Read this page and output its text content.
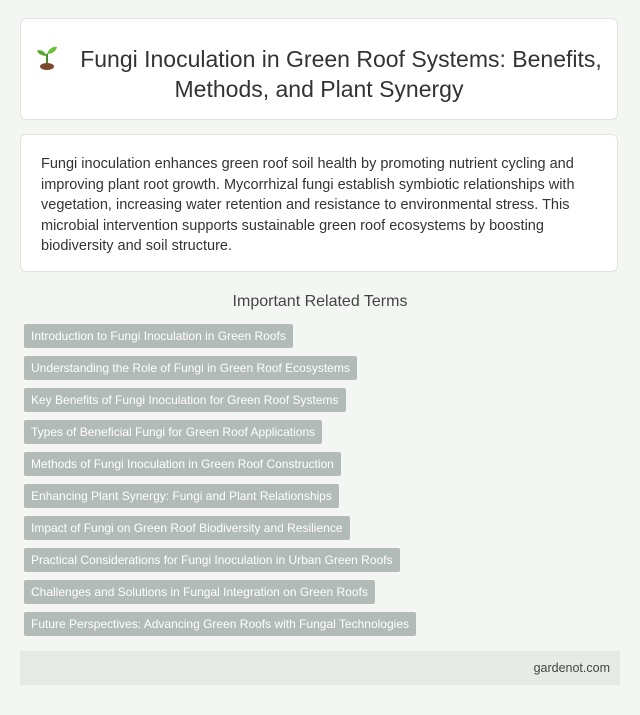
Fungi Inoculation in Green Roof Systems: Benefits, Methods, and Plant Synergy

Fungi inoculation enhances green roof soil health by promoting nutrient cycling and improving plant root growth. Mycorrhizal fungi establish symbiotic relationships with vegetation, increasing water retention and resistance to environmental stress. This microbial intervention supports sustainable green roof ecosystems by boosting biodiversity and soil structure.

Important Related Terms
Introduction to Fungi Inoculation in Green Roofs
Understanding the Role of Fungi in Green Roof Ecosystems
Key Benefits of Fungi Inoculation for Green Roof Systems
Types of Beneficial Fungi for Green Roof Applications
Methods of Fungi Inoculation in Green Roof Construction
Enhancing Plant Synergy: Fungi and Plant Relationships
Impact of Fungi on Green Roof Biodiversity and Resilience
Practical Considerations for Fungi Inoculation in Urban Green Roofs
Challenges and Solutions in Fungal Integration on Green Roofs
Future Perspectives: Advancing Green Roofs with Fungal Technologies
gardenot.com
